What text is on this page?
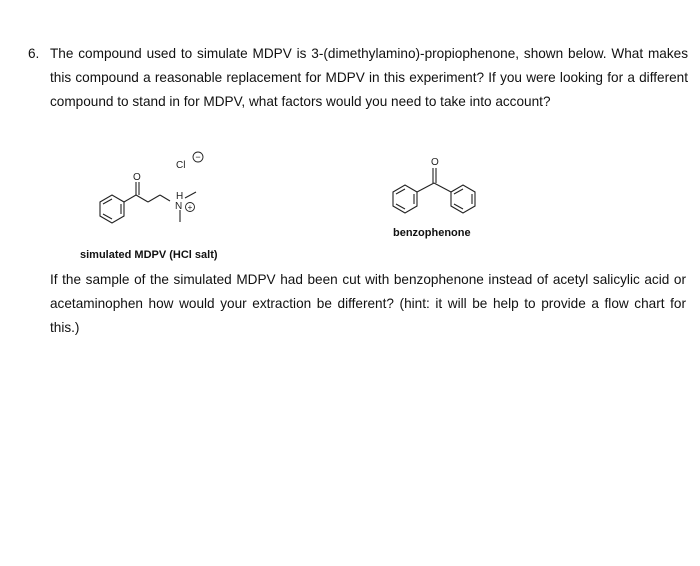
6. The compound used to simulate MDPV is 3-(dimethylamino)-propiophenone, shown below. What makes this compound a reasonable replacement for MDPV in this experiment? If you were looking for a different compound to stand in for MDPV, what factors would you need to take into account?
O
Cl
−
H
N +
O
benzophenone
simulated MDPV (HCl salt)
If the sample of the simulated MDPV had been cut with benzophenone instead of acetyl salicylic acid or acetaminophen how would your extraction be different? (hint: it will be help to provide a flow chart for this.)
